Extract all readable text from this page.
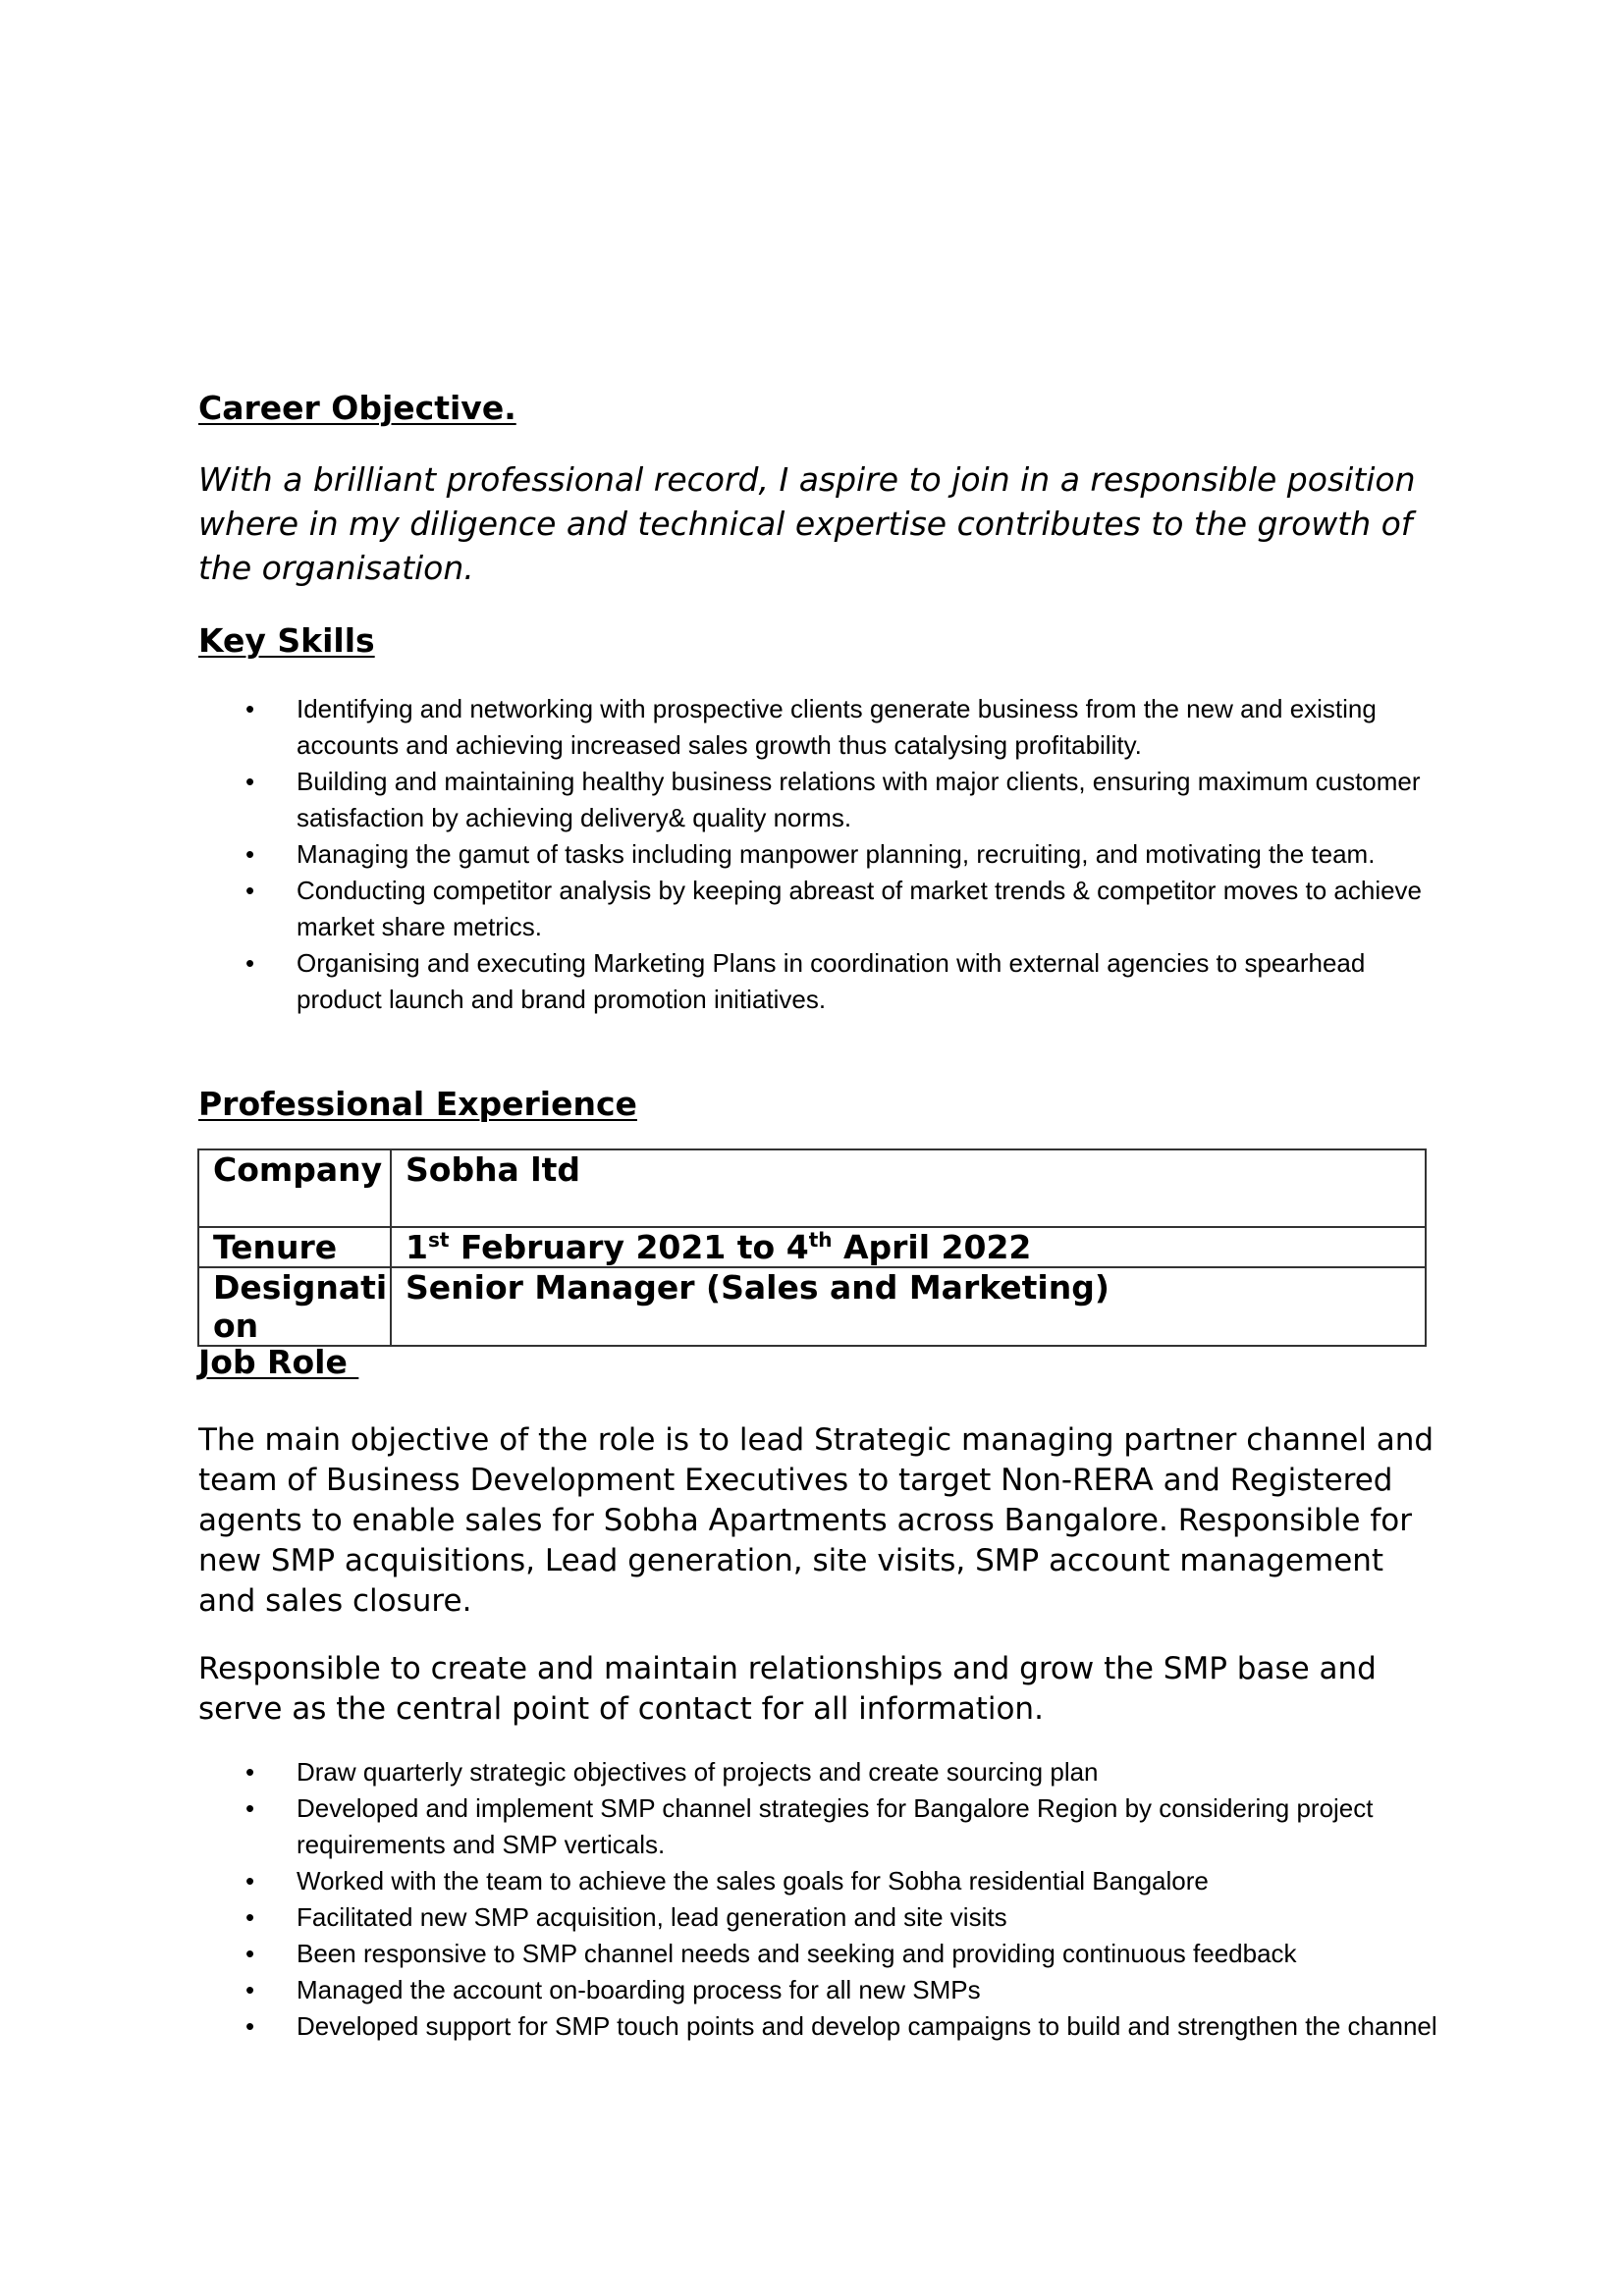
Career Objective.

With a brilliant professional record, I aspire to join in a responsible position where in my diligence and technical expertise contributes to the growth of the organisation.

Key Skills
• Identifying and networking with prospective clients generate business from the new and existing accounts and achieving increased sales growth thus catalysing profitability.
• Building and maintaining healthy business relations with major clients, ensuring maximum customer satisfaction by achieving delivery& quality norms.
• Managing the gamut of tasks including manpower planning, recruiting, and motivating the team.
• Conducting competitor analysis by keeping abreast of market trends & competitor moves to achieve market share metrics.
• Organising and executing Marketing Plans in coordination with external agencies to spearhead product launch and brand promotion initiatives.
Professional Experience
Company	Sobha ltd
Tenure	1st February 2021 to 4th April 2022
Designation	Senior Manager (Sales and Marketing)
Job Role

The main objective of the role is to lead Strategic managing partner channel and team of Business Development Executives to target Non-RERA and Registered agents to enable sales for Sobha Apartments across Bangalore. Responsible for new SMP acquisitions, Lead generation, site visits, SMP account management and sales closure.

Responsible to create and maintain relationships and grow the SMP base and serve as the central point of contact for all information.

• Draw quarterly strategic objectives of projects and create sourcing plan
• Developed and implement SMP channel strategies for Bangalore Region by considering project requirements and SMP verticals.
• Worked with the team to achieve the sales goals for Sobha residential Bangalore
• Facilitated new SMP acquisition, lead generation and site visits
• Been responsive to SMP channel needs and seeking and providing continuous feedback
• Managed the account on-boarding process for all new SMPs
• Developed support for SMP touch points and develop campaigns to build and strengthen the channel
